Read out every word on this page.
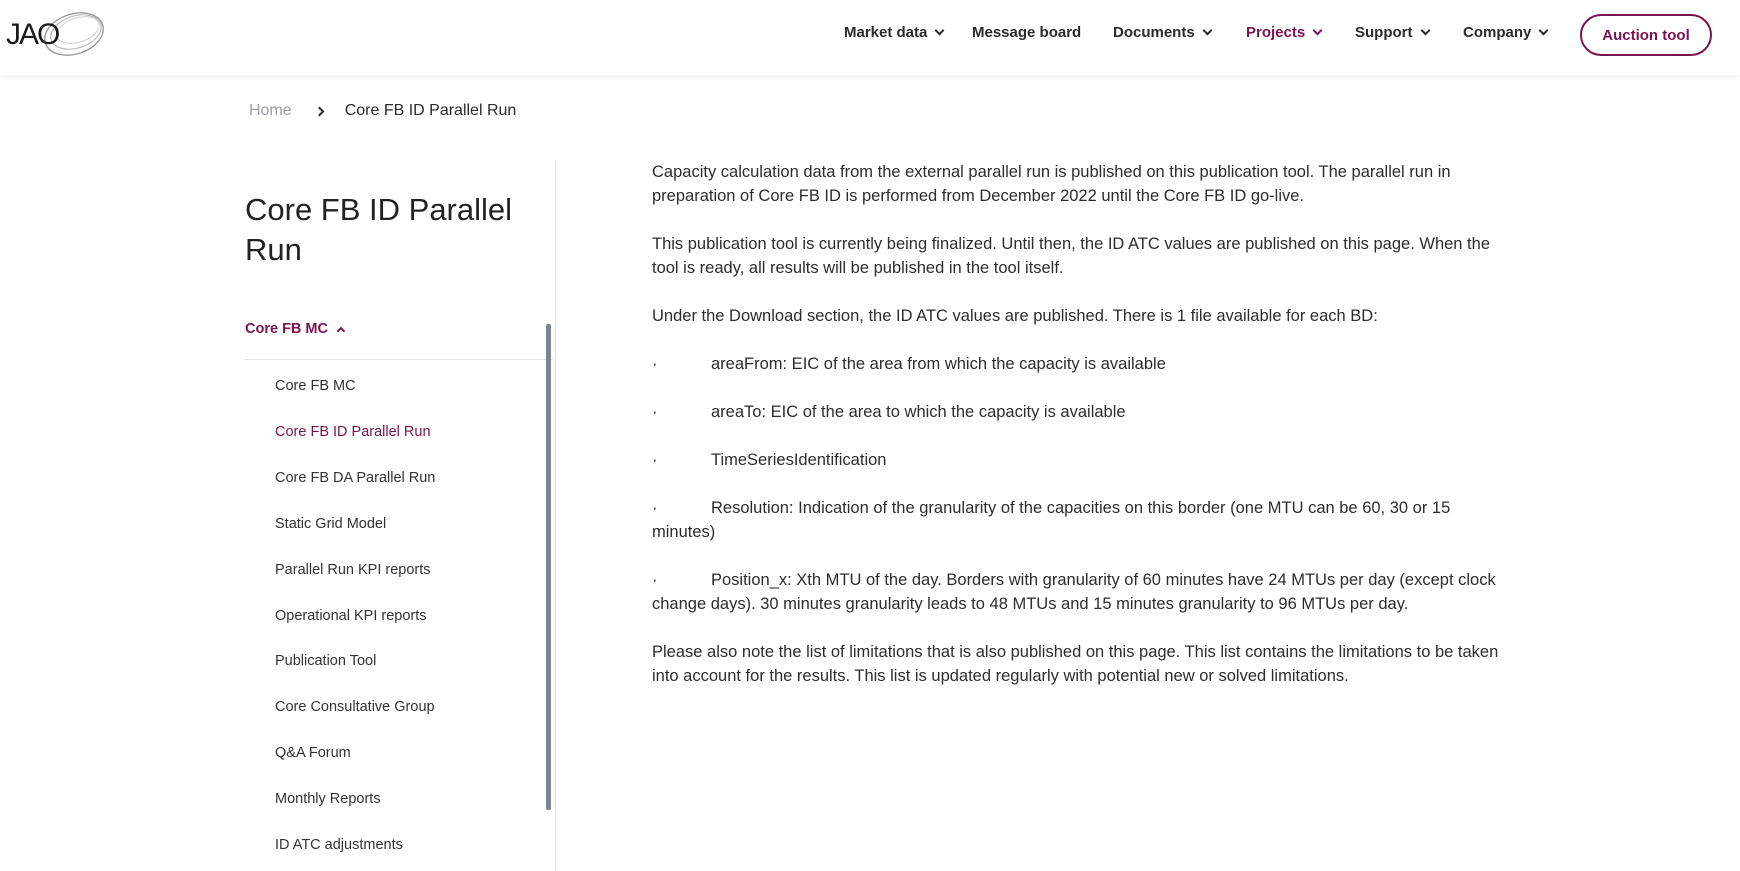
JAO	Market data	Message board Documents	Projects	Support	Company	Auction tool
Home	Core FB ID Parallel Run
Core FB ID Parallel Run
Core FB MC
Core FB MC
Core FB ID Parallel Run
Core FB DA Parallel Run
Static Grid Model
Parallel Run KPI reports
Operational KPI reports
Publication Tool
Core Consultative Group
Q&A Forum
Monthly Reports
ID ATC adjustments

Capacity calculation data from the external parallel run is published on this publication tool. The parallel run in preparation of Core FB ID is performed from December 2022 until the Core FB ID go-live.

This publication tool is currently being finalized. Until then, the ID ATC values are published on this page. When the tool is ready, all results will be published in the tool itself.

Under the Download section, the ID ATC values are published. There is 1 file available for each BD:

·	areaFrom: EIC of the area from which the capacity is available
·	areaTo: EIC of the area to which the capacity is available
·	TimeSeriesIdentification
·	Resolution: Indication of the granularity of the capacities on this border (one MTU can be 60, 30 or 15 minutes)
·	Position_x: Xth MTU of the day. Borders with granularity of 60 minutes have 24 MTUs per day (except clock change days). 30 minutes granularity leads to 48 MTUs and 15 minutes granularity to 96 MTUs per day.

Please also note the list of limitations that is also published on this page. This list contains the limitations to be taken into account for the results. This list is updated regularly with potential new or solved limitations.
